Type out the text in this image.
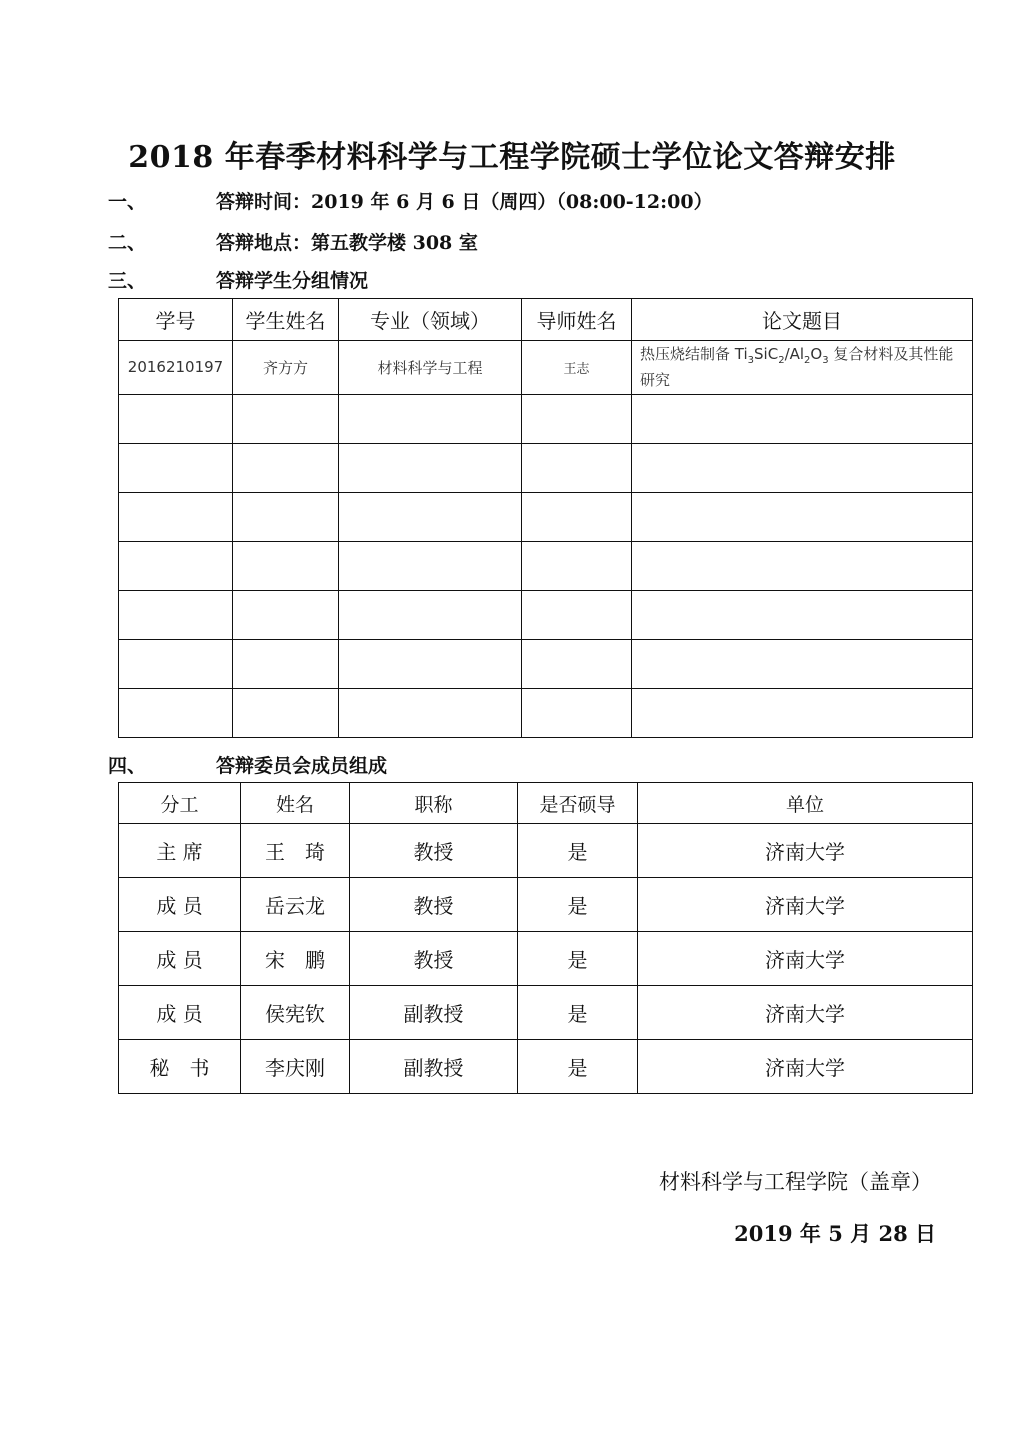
2018 年春季材料科学与工程学院硕士学位论文答辩安排
一、	答辩时间：2019 年 6 月 6 日（周四）（08:00-12:00）
二、	答辩地点：第五教学楼 308 室
三、	答辩学生分组情况
学号	学生姓名	专业（领域）	导师姓名	论文题目
2016210197	齐方方	材料科学与工程	王志	热压烧结制备 $Ti_3SiC_2/Al_2O_3$ 复合材料及其性能研究

四、	答辩委员会成员组成
分工	姓名	职称	是否硕导	单位
主 席	王　琦	教授	是	济南大学
成 员	岳云龙	教授	是	济南大学
成 员	宋　鹏	教授	是	济南大学
成 员	侯宪钦	副教授	是	济南大学
秘　书	李庆刚	副教授	是	济南大学
材料科学与工程学院（盖章）
2019 年 5 月 28 日
